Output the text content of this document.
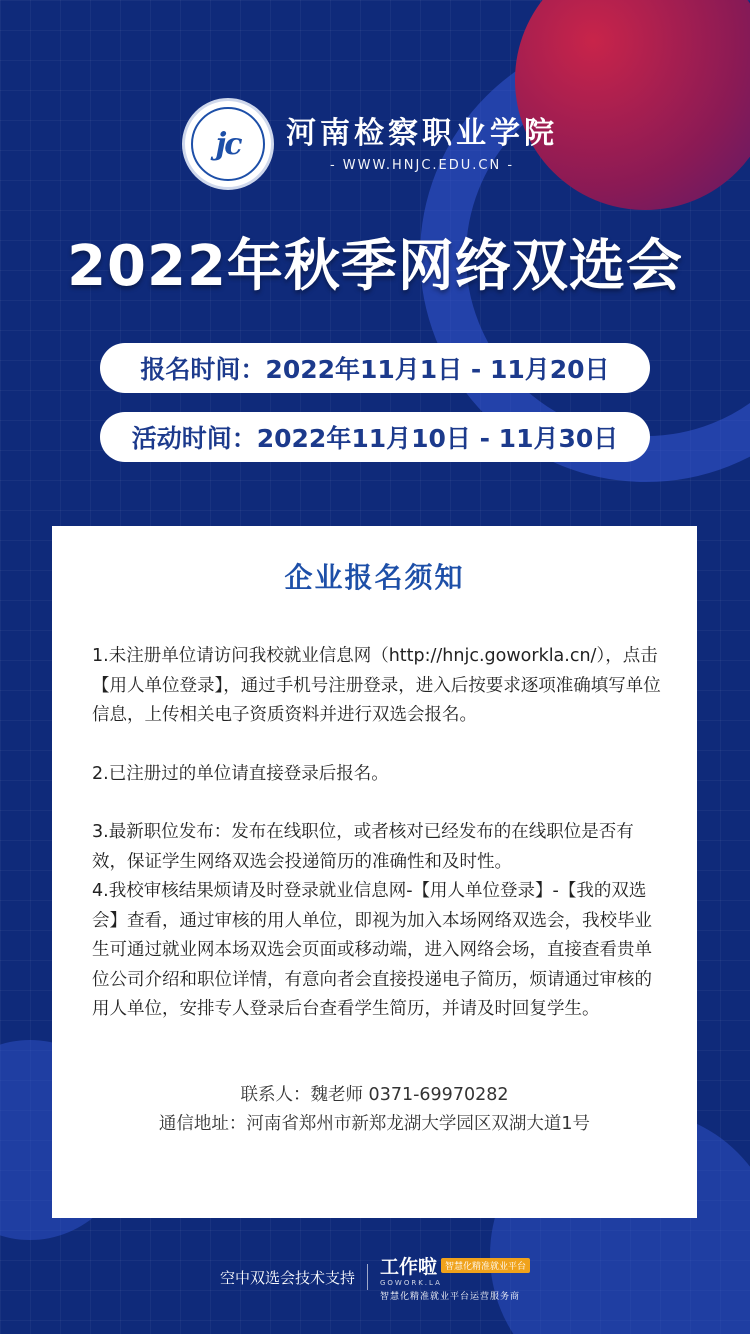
jc 河南检察职业学院
- WWW.HNJC.EDU.CN -
2022年秋季网络双选会
报名时间：2022年11月1日 - 11月20日
活动时间：2022年11月10日 - 11月30日
企业报名须知

1.未注册单位请访问我校就业信息网（http://hnjc.goworkla.cn/），点击【用人单位登录】，通过手机号注册登录，进入后按要求逐项准确填写单位信息，上传相关电子资质资料并进行双选会报名。

2.已注册过的单位请直接登录后报名。

3.最新职位发布：发布在线职位，或者核对已经发布的在线职位是否有效，保证学生网络双选会投递简历的准确性和及时性。

4.我校审核结果烦请及时登录就业信息网-【用人单位登录】-【我的双选会】查看，通过审核的用人单位，即视为加入本场网络双选会，我校毕业生可通过就业网本场双选会页面或移动端，进入网络会场，直接查看贵单位公司介绍和职位详情，有意向者会直接投递电子简历，烦请通过审核的用人单位，安排专人登录后台查看学生简历，并请及时回复学生。

联系人：魏老师 0371-69970282
通信地址：河南省郑州市新郑龙湖大学园区双湖大道1号
空中双选会技术支持 工作啦 智慧化精准就业平台
GOWORK.LA
智慧化精准就业平台运营服务商
